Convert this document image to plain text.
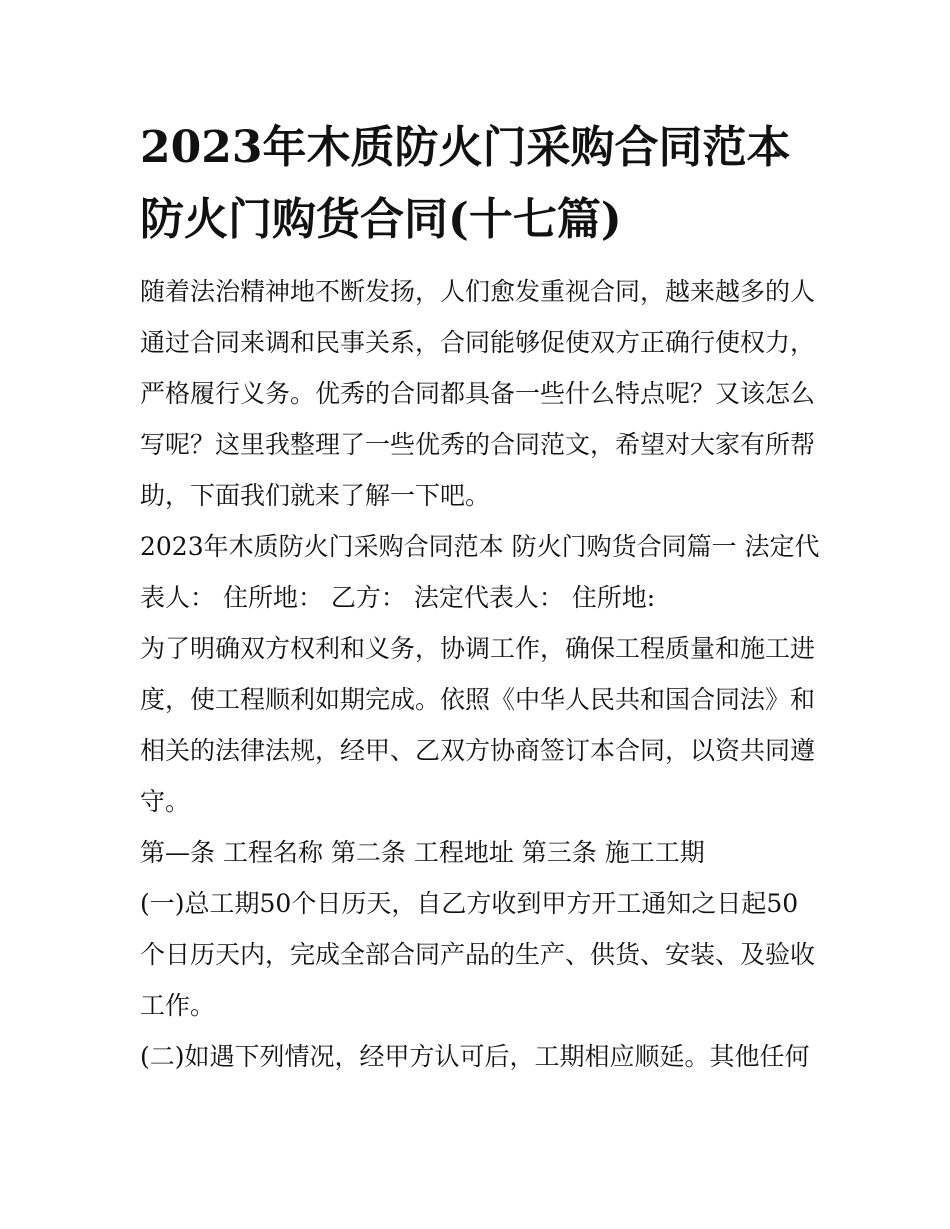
2023年木质防火门采购合同范本 防火门购货合同(十七篇)

随着法治精神地不断发扬，人们愈发重视合同，越来越多的人通过合同来调和民事关系，合同能够促使双方正确行使权力，严格履行义务。优秀的合同都具备一些什么特点呢？又该怎么写呢？这里我整理了一些优秀的合同范文，希望对大家有所帮助，下面我们就来了解一下吧。

2023年木质防火门采购合同范本 防火门购货合同篇一 法定代表人： 住所地： 乙方： 法定代表人： 住所地:

为了明确双方权利和义务，协调工作，确保工程质量和施工进度，使工程顺利如期完成。依照《中华人民共和国合同法》和相关的法律法规，经甲、乙双方协商签订本合同，以资共同遵守。

第—条 工程名称 第二条 工程地址 第三条 施工工期

(一)总工期50个日历天，自乙方收到甲方开工通知之日起50个日历天内，完成全部合同产品的生产、供货、安装、及验收工作。

(二)如遇下列情况，经甲方认可后，工期相应顺延。其他任何
